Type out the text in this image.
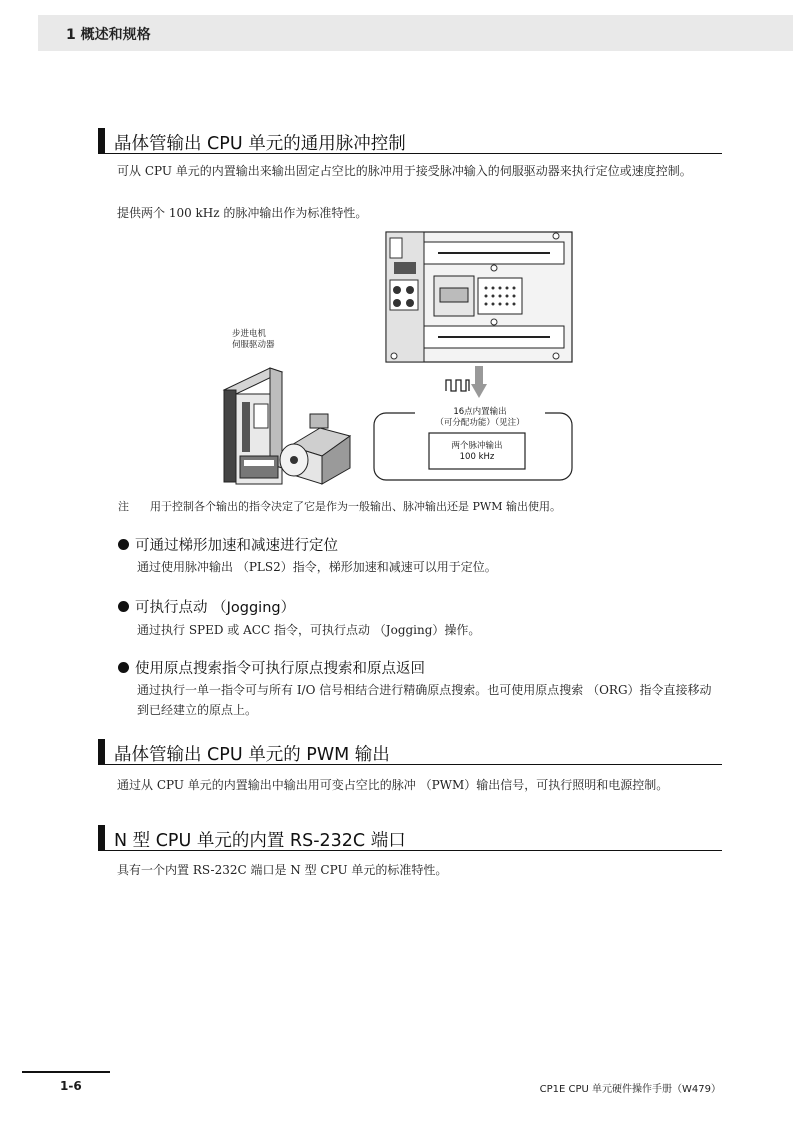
1 概述和规格
晶体管输出 CPU 单元的通用脉冲控制
可从 CPU 单元的内置输出来输出固定占空比的脉冲用于接受脉冲输入的伺服驱动器来执行定位或速度控制。
提供两个 100 kHz 的脉冲输出作为标准特性。
步进电机
伺服驱动器
16点内置输出
（可分配功能）（见注）
两个脉冲输出
100 kHz
注 用于控制各个输出的指令决定了它是作为一般输出、脉冲输出还是 PWM 输出使用。
可通过梯形加速和减速进行定位
通过使用脉冲输出 （PLS2）指令，梯形加速和减速可以用于定位。
可执行点动 （Jogging）
通过执行 SPED 或 ACC 指令，可执行点动 （Jogging）操作。
使用原点搜索指令可执行原点搜索和原点返回
通过执行一单一指令可与所有 I/O 信号相结合进行精确原点搜索。也可使用原点搜索 （ORG）指令直接移动到已经建立的原点上。
晶体管输出 CPU 单元的 PWM 输出
通过从 CPU 单元的内置输出中输出用可变占空比的脉冲 （PWM）输出信号，可执行照明和电源控制。
N 型 CPU 单元的内置 RS-232C 端口
具有一个内置 RS-232C 端口是 N 型 CPU 单元的标准特性。
1-6	CP1E CPU 单元硬件操作手册（W479）
